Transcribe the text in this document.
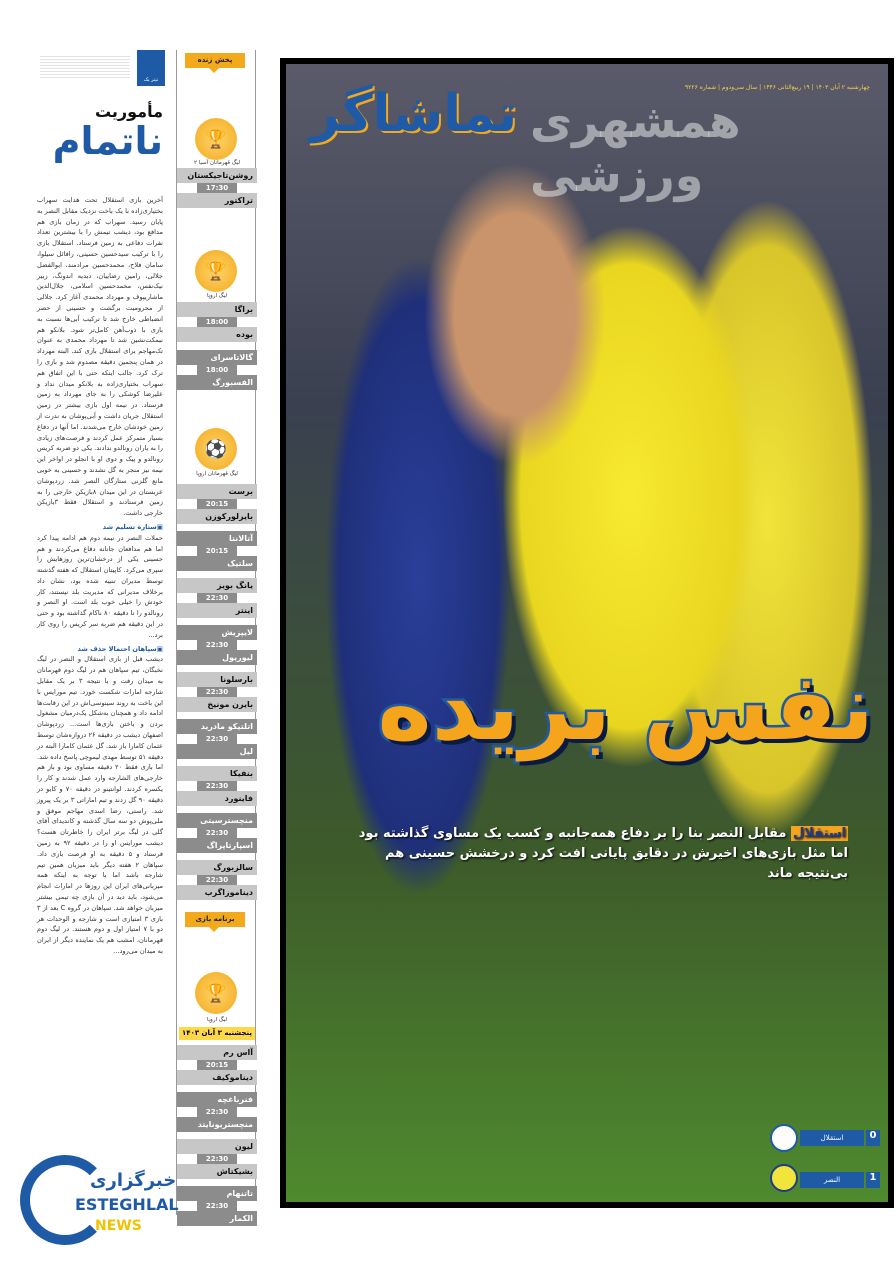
تیتر یک
مأموریت
ناتمام
آخرین بازی استقلال تحت هدایت سهراب بختیاری‌زاده با یک باخت نزدیک مقابل النصر به پایان رسید. سهراب که در زمان بازی هم مدافع بود، دیشب تیمش را با بیشترین تعداد نفرات دفاعی به زمین فرستاد. استقلال بازی را با ترکیب سیدحسین حسینی، رافائل سیلوا، سامان فلاح، محمدحسین مرادمند، ابوالفضل جلالی، رامین رضاییان، دیدیه اندونگ، زبیر نیک‌نفس، محمدحسین اسلامی، جلال‌الدین ماشاریپوف و مهرداد محمدی آغاز کرد. جلالی از محرومیت برگشت و حسینی از حصر انضباطی خارج شد تا ترکیب آبی‌ها نسبت به بازی با ذوب‌آهن کامل‌تر شود. بلانکو هم نیمکت‌نشین شد تا مهرداد محمدی به عنوان تک‌مهاجم برای استقلال بازی کند. البته مهرداد در همان پنجمین دقیقه مصدوم شد و بازی را ترک کرد. جالب اینکه حتی با این اتفاق هم سهراب بختیاری‌زاده به بلانکو میدان نداد و علیرضا کوشکی را به جای مهرداد به زمین فرستاد. در نیمه اول بازی بیشتر در زمین استقلال جریان داشت و آبی‌پوشان به ندرت از زمین خودشان خارج می‌شدند. اما آنها در دفاع بسیار متمرکز عمل کردند و فرصت‌های زیادی را به یاران رونالدو ندادند. یکی دو ضربه کریس رونالدو و پیک و دوی او با انجلو در اواخر این نیمه نیز منجر به گل نشدند و حسینی به خوبی مانع گلزنی ستارگان النصر شد. زردپوشان عربستان در این میدان ۸بازیکن خارجی را به زمین فرستادند و استقلال فقط ۳بازیکن خارجی داشت.
▣ ستاره تسلیم شد
حملات النصر در نیمه دوم هم ادامه پیدا کرد اما هم مدافعان جانانه دفاع می‌کردند و هم حسینی یکی از درخشان‌ترین روزهایش را سپری می‌کرد. کاپیتان استقلال که هفته گذشته توسط مدیران تنبیه شده بود، نشان داد برخلاف مدیرانی که مدیریت بلد نیستند، کار خودش را خیلی خوب بلد است. او النصر و رونالدو را تا دقیقه ۸۰ ناکام گذاشته بود و حتی در این دقیقه هم ضربه سر کریس را روی کار برد...
▣ سپاهان احتمالا حذف شد
دیشب قبل از بازی استقلال و النصر در لیگ نخبگان، تیم سپاهان هم در لیگ دوم قهرمانان به میدان رفت و با نتیجه ۳ بر یک مقابل شارجه امارات شکست خورد. تیم مورایس با این باخت به روند سینوسی‌اش در این رقابت‌ها ادامه داد و همچنان به‌شکل یک‌درمیان مشغول بردن و باختن بازی‌ها است... زردپوشان اصفهان دیشب در دقیقه ۲۶ دروازه‌شان توسط عثمان کامارا باز شد. گل عثمان کامارا البته در دقیقه ۵۱ توسط مهدی لیموچی پاسخ داده شد. اما بازی فقط ۲۰ دقیقه مساوی بود و باز هم خارجی‌های الشارجه وارد عمل شدند و کار را یکسره کردند. لوانتینو در دقیقه ۷۰ و کایو در دقیقه ۹۰ گل زدند و تیم اماراتی ۳ بر یک پیروز شد. راستی، رضا اسدی مهاجم موفق و ملی‌پوش دو سه سال گذشته و کاندیدای آقای گلی در لیگ برتر ایران را خاطرتان هست؟ دیشب مورایس او را در دقیقه ۹۲ به زمین فرستاد و ۵ دقیقه به او فرصت بازی داد. سپاهان ۲ هفته دیگر باید میزبان همین تیم شارجه باشد اما با توجه به اینکه همه میزبانی‌های ایران این روزها در امارات انجام می‌شود، باید دید در آن بازی چه تیمی بیشتر میزبان خواهد شد. سپاهان در گروه C بعد از ۳ بازی ۳ امتیازی است و شارجه و الوحدات هر دو با ۷ امتیاز اول و دوم هستند. در لیگ دوم قهرمانان، امشب هم یک نماینده دیگر از ایران به میدان می‌رود...
پخش زنده
🏆
لیگ قهرمانان آسیا ۲
روشن‌تاجیکستان
17:30
تراکتور
🏆
لیگ اروپا
براگا
18:00
بوده
گالاتاسرای
18:00
الفسبورگ
⚽
لیگ قهرمانان اروپا
برست
20:15
بایرلورکوزن
آتالانتا
20:15
سلتیک
یانگ بویز
22:30
اینتر
لایپزیش
22:30
لیورپول
بارسلونا
22:30
بایرن مونیخ
اتلتیکو مادرید
22:30
لیل
بنفیکا
22:30
فاینورد
منچسترسیتی
22:30
اسپارتاپراگ
سالزبورگ
22:30
دیناموزاگرب
برنامه بازی
🏆
لیگ اروپا
پنجشنبه ۳ آبان ۱۴۰۳
آاس رم
20:15
دیناموکیف
فنرباغچه
22:30
منچستریونایتد
لیون
22:30
بشیکتاش
تاتنهام
22:30
الکمار
همشهری ورزشی
تماشاگر	چهارشنبه ۲ آبان ۱۴۰۳ | ۱۹ ربیع‌الثانی ۱۴۴۶ | سال سی‌ودوم | شماره ۹۲۲۶
نفس بریده
استقلال مقابل النصر بنا را بر دفاع همه‌جانبه و کسب یک مساوی گذاشته بود
اما مثل بازی‌های اخیرش در دقایق پایانی افت کرد و درخشش حسینی هم بی‌نتیجه ماند
0
استقلال
1
النصر
خبرگزاری
ESTEGHLAL
NEWS
